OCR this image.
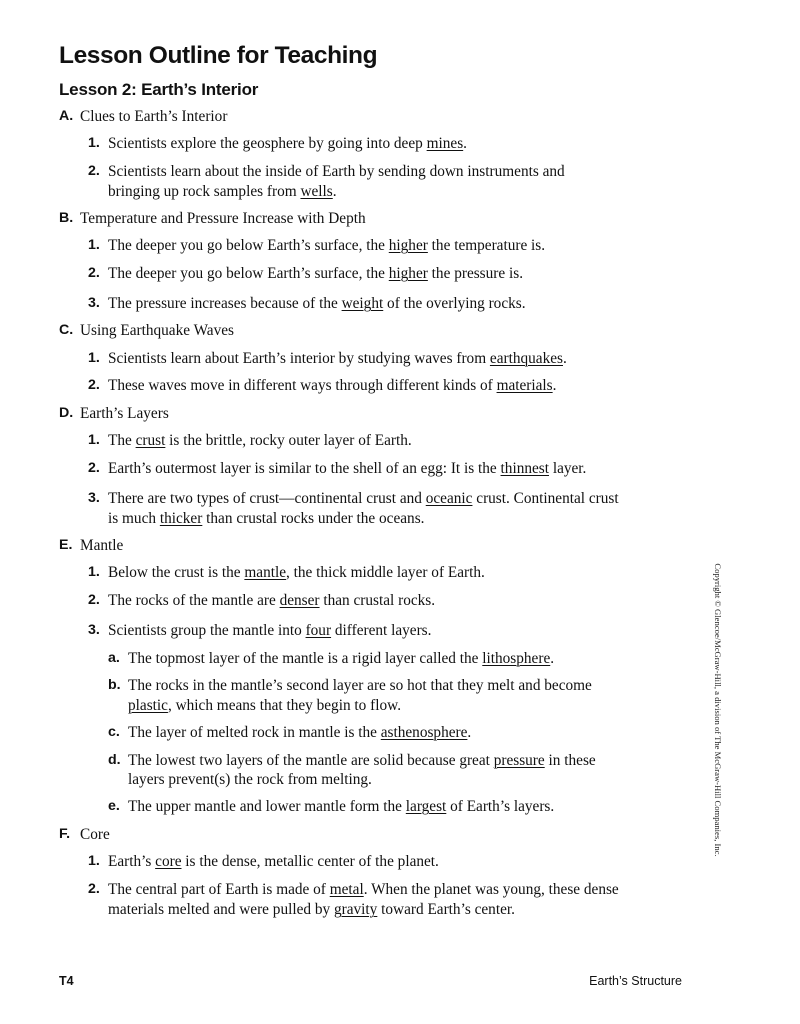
Lesson Outline for Teaching
Lesson 2: Earth’s Interior
A. Clues to Earth’s Interior
1. Scientists explore the geosphere by going into deep mines.
2. Scientists learn about the inside of Earth by sending down instruments and
bringing up rock samples from wells.
B. Temperature and Pressure Increase with Depth
1. The deeper you go below Earth’s surface, the higher the temperature is.
2. The deeper you go below Earth’s surface, the higher the pressure is.
3. The pressure increases because of the weight of the overlying rocks.
C. Using Earthquake Waves
1. Scientists learn about Earth’s interior by studying waves from earthquakes.
2. These waves move in different ways through different kinds of materials.
D. Earth’s Layers
1. The crust is the brittle, rocky outer layer of Earth.
2. Earth’s outermost layer is similar to the shell of an egg: It is the thinnest layer.
3. There are two types of crust—continental crust and oceanic crust. Continental crust
is much thicker than crustal rocks under the oceans.
E. Mantle
1. Below the crust is the mantle, the thick middle layer of Earth.
2. The rocks of the mantle are denser than crustal rocks.
3. Scientists group the mantle into four different layers.
a. The topmost layer of the mantle is a rigid layer called the lithosphere.
b. The rocks in the mantle’s second layer are so hot that they melt and become
plastic, which means that they begin to flow.
c. The layer of melted rock in mantle is the asthenosphere.
d. The lowest two layers of the mantle are solid because great pressure in these
layers prevent(s) the rock from melting.
e. The upper mantle and lower mantle form the largest of Earth’s layers.
F. Core
1. Earth’s core is the dense, metallic center of the planet.
2. The central part of Earth is made of metal. When the planet was young, these dense
materials melted and were pulled by gravity toward Earth’s center.
Copyright © Glencoe/McGraw-Hill, a division of The McGraw-Hill Companies, Inc.
T4	Earth’s Structure
